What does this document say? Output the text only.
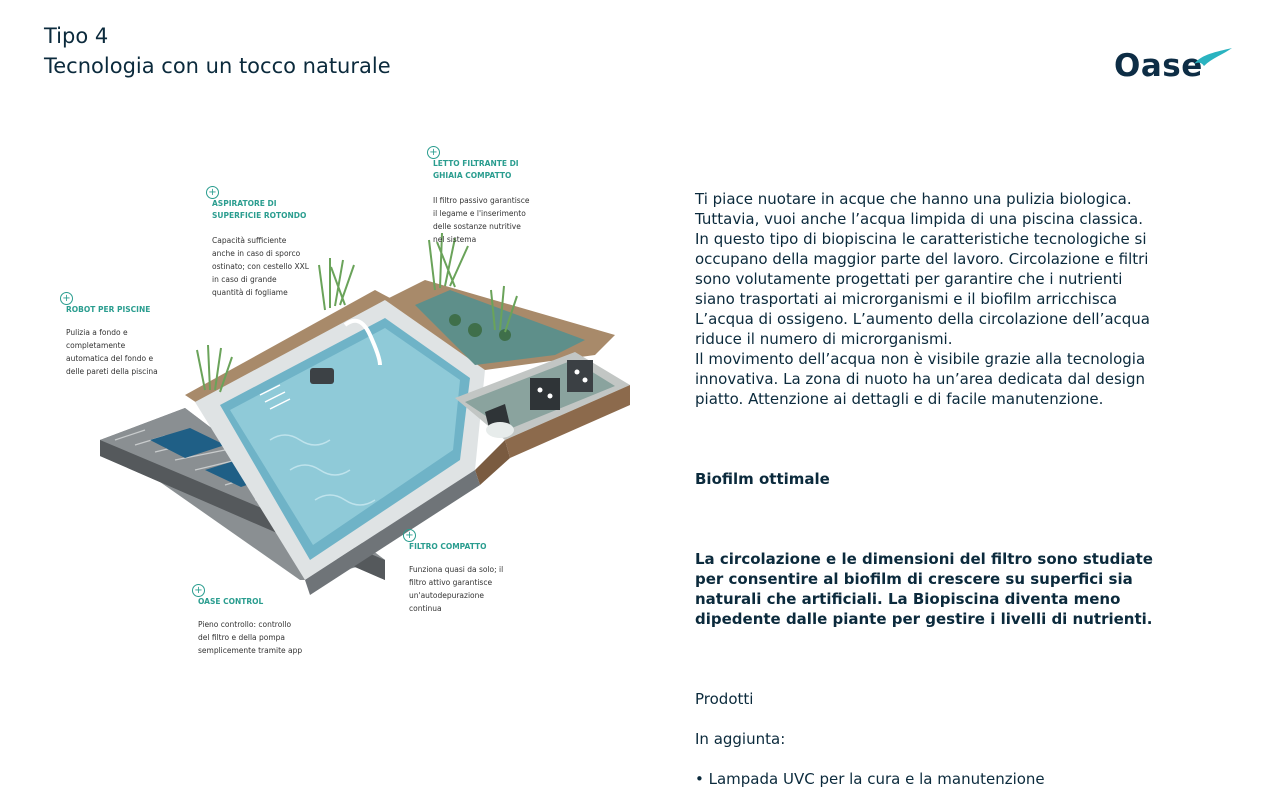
Tipo 4
Tecnologia con un tocco naturale	Oase
+
LETTO FILTRANTE DI
GHIAIA COMPATTO
Il filtro passivo garantisce
il legame e l'inserimento
delle sostanze nutritive
nel sistema
+
ASPIRATORE DI
SUPERFICIE ROTONDO
Capacità sufficiente
anche in caso di sporco
ostinato; con cestello XXL
in caso di grande
quantità di fogliame
+
ROBOT PER PISCINE
Pulizia a fondo e
completamente
automatica del fondo e
delle pareti della piscina
+
FILTRO COMPATTO
Funziona quasi da solo; il
filtro attivo garantisce
un'autodepurazione
continua
+
OASE CONTROL
Pieno controllo: controllo
del filtro e della pompa
semplicemente tramite app

Ti piace nuotare in acque che hanno una pulizia biologica. Tuttavia, vuoi anche l’acqua limpida di una piscina classica. In questo tipo di biopiscina le caratteristiche tecnologiche si occupano della maggior parte del lavoro. Circolazione e filtri sono volutamente progettati per garantire che i nutrienti siano trasportati ai microrganismi e il biofilm arricchisca L’acqua di ossigeno. L’aumento della circolazione dell’acqua riduce il numero di microrganismi.
Il movimento dell’acqua non è visibile grazie alla tecnologia innovativa. La zona di nuoto ha un’area dedicata dal design piatto. Attenzione ai dettagli e di facile manutenzione.

Biofilm ottimale

La circolazione e le dimensioni del filtro sono studiate per consentire al biofilm di crescere su superfici sia naturali che artificiali. La Biopiscina diventa meno dipedente dalle piante per gestire i livelli di nutrienti.

Prodotti

In aggiunta:

• Lampada UVC per la cura e la manutenzione
